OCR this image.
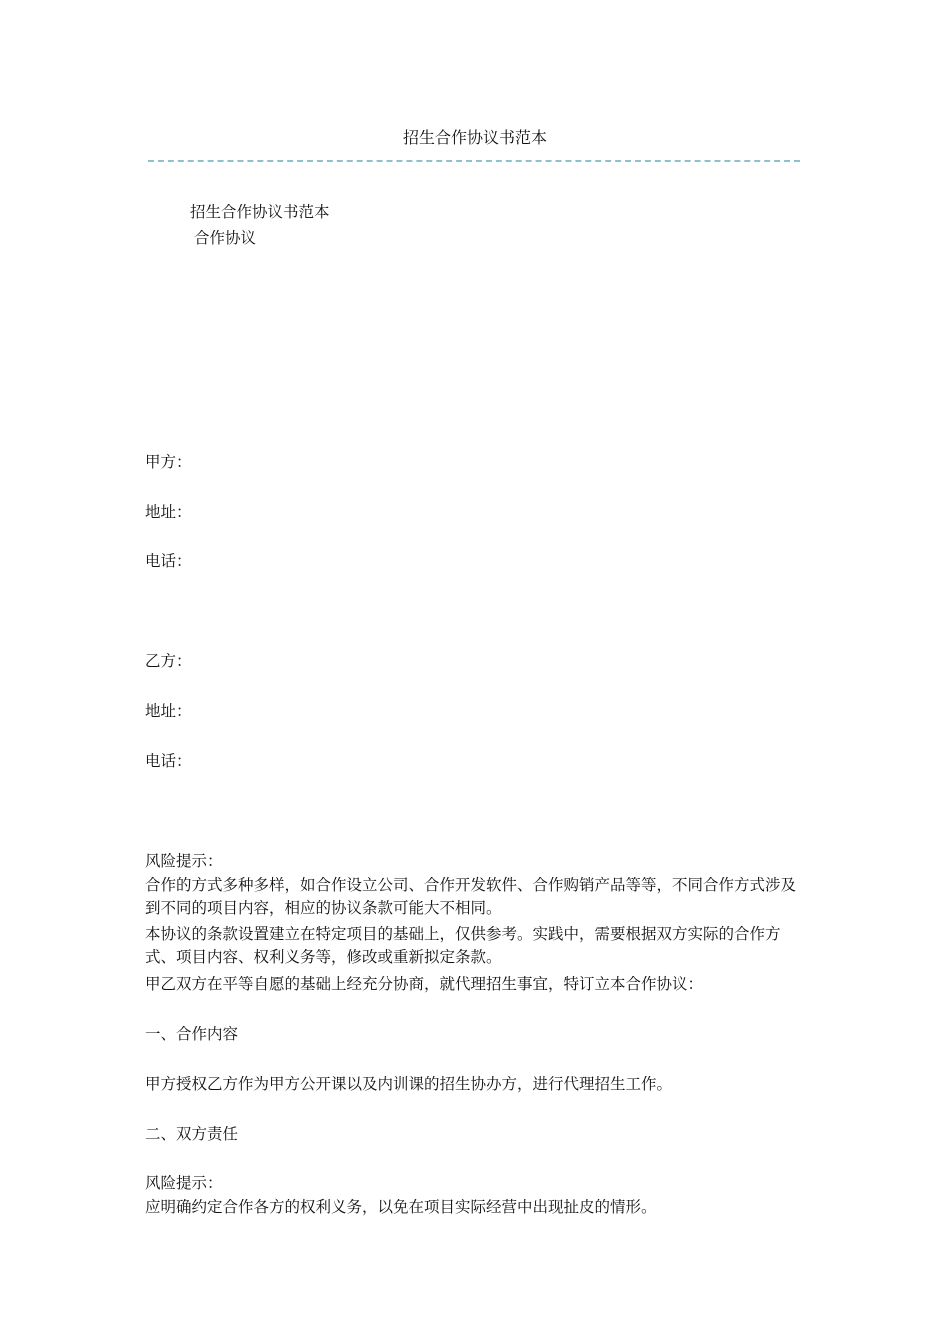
招生合作协议书范本
招生合作协议书范本
合作协议
甲方：
地址：
电话：
乙方：
地址：
电话：
风险提示：
合作的方式多种多样，如合作设立公司、合作开发软件、合作购销产品等等，不同合作方式涉及到不同的项目内容，相应的协议条款可能大不相同。
本协议的条款设置建立在特定项目的基础上，仅供参考。实践中，需要根据双方实际的合作方式、项目内容、权利义务等，修改或重新拟定条款。
甲乙双方在平等自愿的基础上经充分协商，就代理招生事宜，特订立本合作协议：
一、合作内容
甲方授权乙方作为甲方公开课以及内训课的招生协办方，进行代理招生工作。
二、双方责任
风险提示：
应明确约定合作各方的权利义务，以免在项目实际经营中出现扯皮的情形。
